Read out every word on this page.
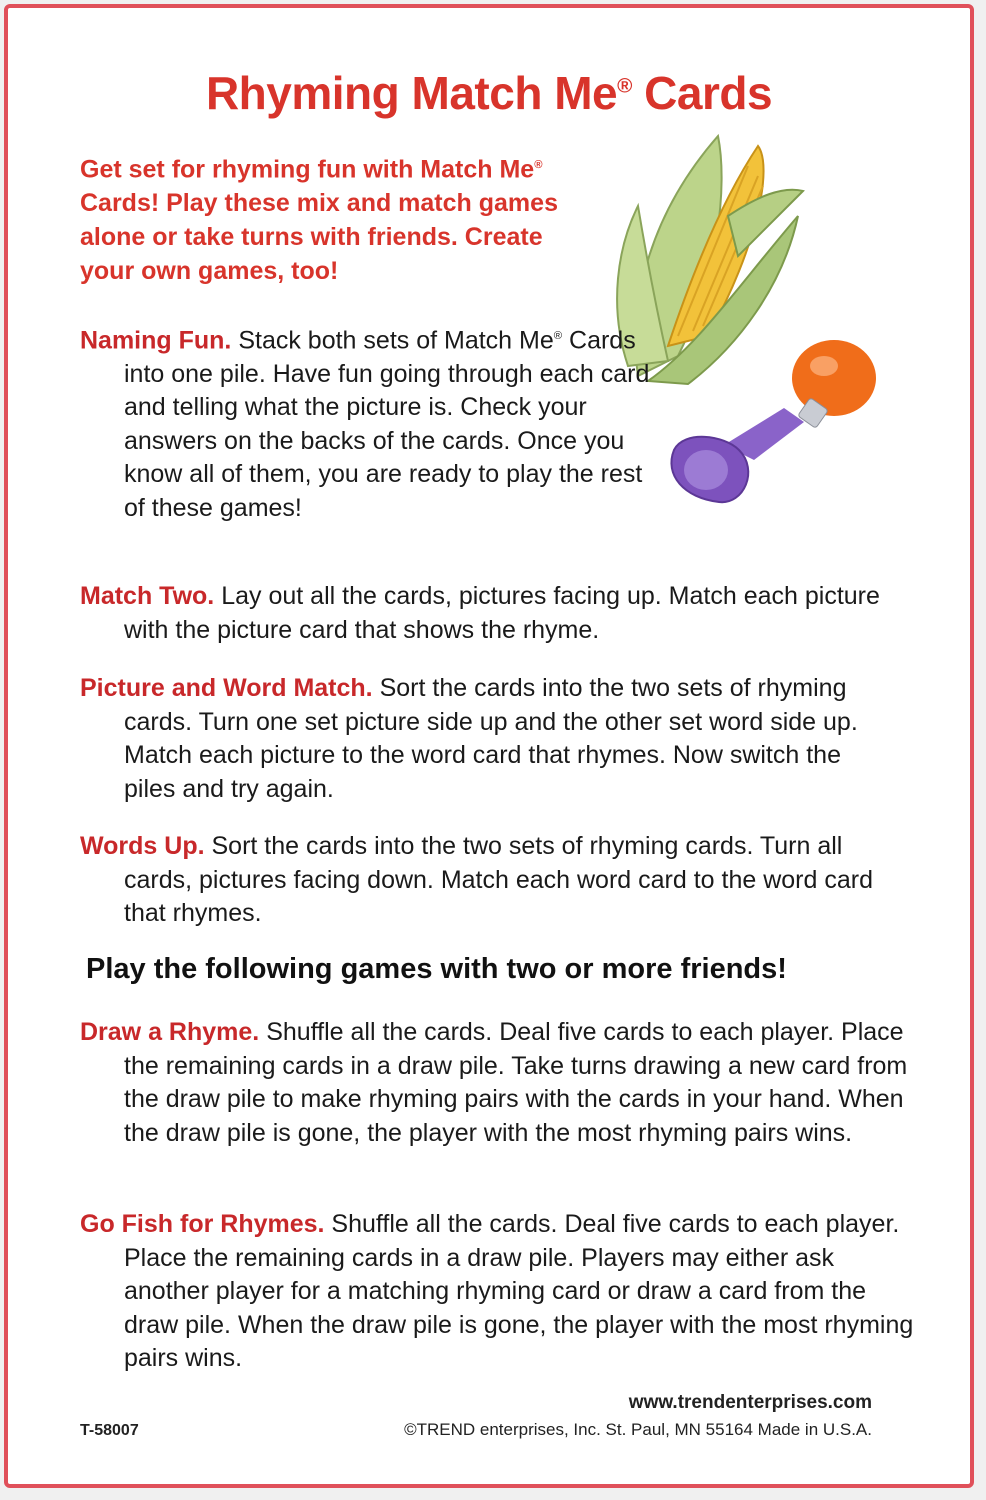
Rhyming Match Me® Cards
Get set for rhyming fun with Match Me® Cards! Play these mix and match games alone or take turns with friends. Create your own games, too!
Naming Fun. Stack both sets of Match Me® Cards into one pile. Have fun going through each card and telling what the picture is. Check your answers on the backs of the cards. Once you know all of them, you are ready to play the rest of these games!
Match Two. Lay out all the cards, pictures facing up. Match each picture with the picture card that shows the rhyme.
Picture and Word Match. Sort the cards into the two sets of rhyming cards. Turn one set picture side up and the other set word side up. Match each picture to the word card that rhymes. Now switch the piles and try again.
Words Up. Sort the cards into the two sets of rhyming cards. Turn all cards, pictures facing down. Match each word card to the word card that rhymes.
Play the following games with two or more friends!
Draw a Rhyme. Shuffle all the cards. Deal five cards to each player. Place the remaining cards in a draw pile. Take turns drawing a new card from the draw pile to make rhyming pairs with the cards in your hand. When the draw pile is gone, the player with the most rhyming pairs wins.
Go Fish for Rhymes. Shuffle all the cards. Deal five cards to each player. Place the remaining cards in a draw pile. Players may either ask another player for a matching rhyming card or draw a card from the draw pile. When the draw pile is gone, the player with the most rhyming pairs wins.
www.trendenterprises.com
T-58007	©TREND enterprises, Inc. St. Paul, MN 55164 Made in U.S.A.
